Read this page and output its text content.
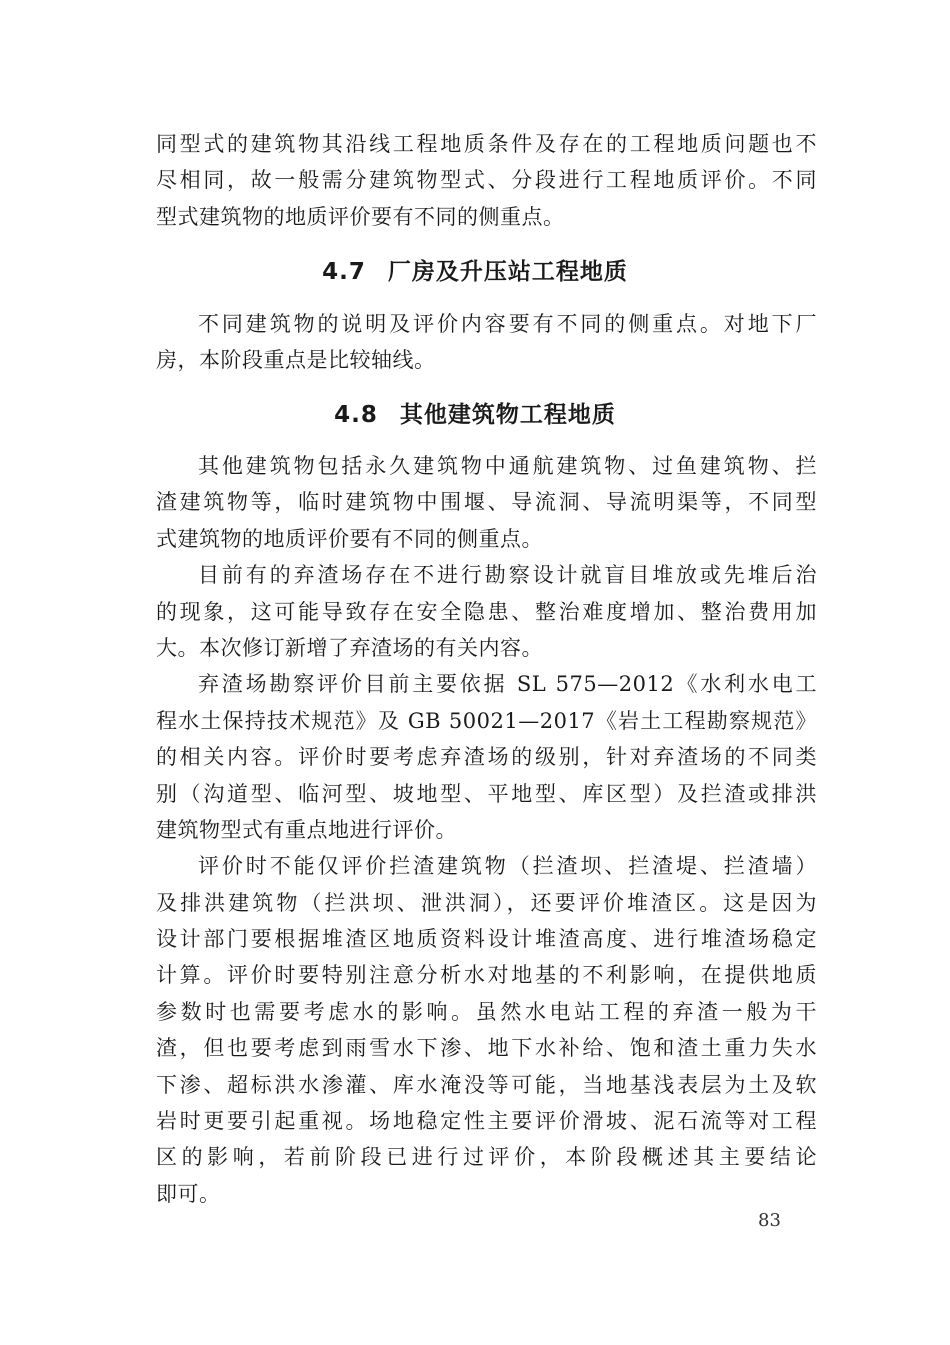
同型式的建筑物其沿线工程地质条件及存在的工程地质问题也不
尽相同，故一般需分建筑物型式、分段进行工程地质评价。不同
型式建筑物的地质评价要有不同的侧重点。
4.7 厂房及升压站工程地质
不同建筑物的说明及评价内容要有不同的侧重点。对地下厂
房，本阶段重点是比较轴线。
4.8 其他建筑物工程地质
其他建筑物包括永久建筑物中通航建筑物、过鱼建筑物、拦
渣建筑物等，临时建筑物中围堰、导流洞、导流明渠等，不同型
式建筑物的地质评价要有不同的侧重点。
目前有的弃渣场存在不进行勘察设计就盲目堆放或先堆后治
的现象，这可能导致存在安全隐患、整治难度增加、整治费用加
大。本次修订新增了弃渣场的有关内容。
弃渣场勘察评价目前主要依据 SL 575—2012《水利水电工
程水土保持技术规范》及 GB 50021—2017《岩土工程勘察规范》
的相关内容。评价时要考虑弃渣场的级别，针对弃渣场的不同类
别（沟道型、临河型、坡地型、平地型、库区型）及拦渣或排洪
建筑物型式有重点地进行评价。
评价时不能仅评价拦渣建筑物（拦渣坝、拦渣堤、拦渣墙）
及排洪建筑物（拦洪坝、泄洪洞），还要评价堆渣区。这是因为
设计部门要根据堆渣区地质资料设计堆渣高度、进行堆渣场稳定
计算。评价时要特别注意分析水对地基的不利影响，在提供地质
参数时也需要考虑水的影响。虽然水电站工程的弃渣一般为干
渣，但也要考虑到雨雪水下渗、地下水补给、饱和渣土重力失水
下渗、超标洪水渗灌、库水淹没等可能，当地基浅表层为土及软
岩时更要引起重视。场地稳定性主要评价滑坡、泥石流等对工程
区的影响，若前阶段已进行过评价，本阶段概述其主要结论
即可。
83
